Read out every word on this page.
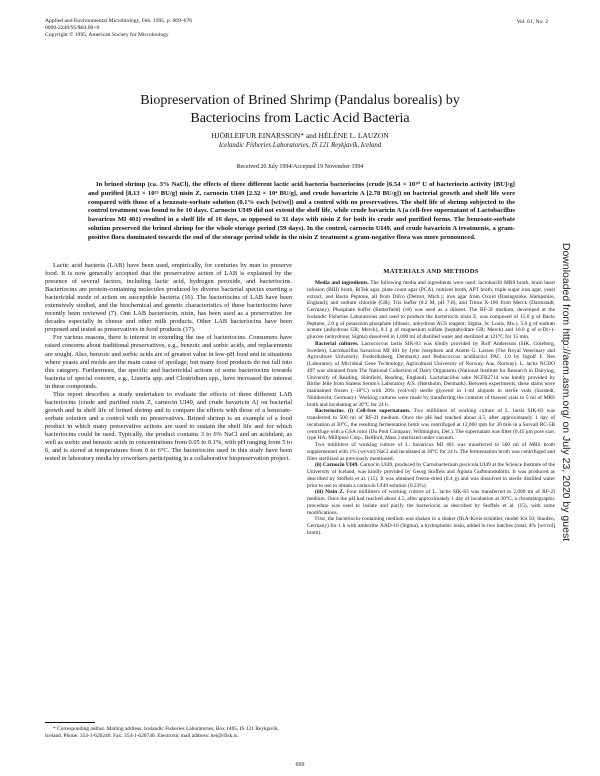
Applied and Environmental Microbiology, Feb. 1995, p. 669–676
0099-2240/95/$04.00+0
Copyright © 1995, American Society for Microbiology
Vol. 61, No. 2
Biopreservation of Brined Shrimp (Pandalus borealis) by
Bacteriocins from Lactic Acid Bacteria
HJÖRLEIFUR EINARSSON* and HÉLÈNE L. LAUZON
Icelandic Fisheries Laboratories, IS 121 Reykjavík, Iceland
Received 26 July 1994/Accepted 19 November 1994

In brined shrimp (ca. 3% NaCl), the effects of three different lactic acid bacteria bacteriocins (crude [6.54 × 10¹⁰ U of bacteriocin activity {BU}/g] and purified [8.13 × 10²³ BU/g] nisin Z, carnocin UI49 [2.32 × 10⁴ BU/g], and crude bavaricin A [2.78 BU/g]) on bacterial growth and shelf life were compared with those of a benzoate-sorbate solution (0.1% each [wt/wt]) and a control with no preservatives. The shelf life of shrimp subjected to the control treatment was found to be 10 days. Carnocin UI49 did not extend the shelf life, while crude bavaricin A (a cell-free supernatant of Lactobacillus bavaricus MI 401) resulted in a shelf life of 16 days, as opposed to 31 days with nisin Z for both its crude and purified forms. The benzoate-sorbate solution preserved the brined shrimp for the whole storage period (59 days). In the control, carnocin UI49, and crude bavaricin A treatments, a gram-positive flora dominated towards the end of the storage period while in the nisin Z treatment a gram-negative flora was more pronounced.

Lactic acid bacteria (LAB) have been used, empirically, for centuries by man to preserve food. It is now generally accepted that the preservative action of LAB is explained by the presence of several factors, including lactic acid, hydrogen peroxide, and bacteriocins. Bacteriocins are protein-containing molecules produced by diverse bacterial species exerting a bactericidal mode of action on susceptible bacteria (16). The bacteriocins of LAB have been extensively studied, and the biochemical and genetic characteristics of these bacteriocins have recently been reviewed (7). One LAB bacteriocin, nisin, has been used as a preservative for decades especially in cheese and other milk products. Other LAB bacteriocins have been proposed and tested as preservatives in food products (17).

For various reasons, there is interest in extending the use of bacteriocins. Consumers have raised concerns about traditional preservatives, e.g., benzoic and sorbic acids, and replacements are sought. Also, benzoic and sorbic acids are of greatest value in low-pH food and in situations where yeasts and molds are the main cause of spoilage, but many food products do not fall into this category. Furthermore, the specific and bactericidal actions of some bacteriocins towards bacteria of special concern, e.g., Listeria spp. and Clostridium spp., have increased the interest in these compounds.

This report describes a study undertaken to evaluate the effects of three different LAB bacteriocins (crude and purified nisin Z, carnocin UI49, and crude bavaricin A) on bacterial growth and in shelf life of brined shrimp and to compare the effects with those of a benzoate-sorbate solution and a control with no preservatives. Brined shrimp is an example of a food product in which many preservative actions are used to sustain the shelf life and for which bacteriocins could be used. Typically, the product contains 3 to 6% NaCl and an acidulant, as well as sorbic and benzoic acids in concentrations from 0.05 to 0.1%, with pH ranging from 5 to 6, and is stored at temperatures from 0 to 6°C. The bacteriocins used in this study have been tested in laboratory media by coworkers participating in a collaborative biopreservation project.

* Corresponding author. Mailing address: Icelandic Fisheries Laboratories, Box 1405, IS 121 Reykjavík, Iceland. Phone: 354-1-620240. Fax: 354-1-620740. Electronic mail address: hei@rfisk.is.

MATERIALS AND METHODS

Media and ingredients. The following media and ingredients were used: lactobacilli MRS broth, brain heart infusion (BHI) broth, BiTek agar, plate count agar (PCA), nutrient broth, APT broth, triple sugar iron agar, yeast extract, and Bacto Peptone, all from Difco (Detroit, Mich.); iron agar from Oxoid (Basingstoke, Hampshire, England); and sodium chloride (GR), Tris buffer (0.2 M, pH 7.8), and Triton X-100 from Merck (Darmstadt, Germany). Phosphate buffer (Butterfield) (18) was used as a diluent. The RF-2I medium, developed at the Icelandic Fisheries Laboratories and used to produce the bacteriocin nisin Z, was composed of 15.0 g of Bacto Peptone, 2.0 g of potassium phosphate (dibasic, anhydrous ACS reagent; Sigma, St. Louis, Mo.), 5.0 g of sodium acetate (anhydrous GR; Merck), 0.1 g of magnesium sulfate (heptahydrate GR; Merck) and 10.0 g of α-D(+)-glucose (anhydrous; Sigma) dissolved in 1,000 ml of distilled water and sterilized at 121°C for 15 min.

Bacterial cultures. Lactococcus lactis SIK-83 was kindly provided by Rolf Andersson (SIK, Göteborg, Sweden), Lactobacillus bavaricus MI 401 by Jytte Josephsen and Anette G. Larsen (The Royal Veterinary and Agriculture University, Frederiksberg, Denmark) and Pediococcus acidilactici PAC 1.0 by Ingolf F. Nes (Laboratory of Microbial Gene Technology, Agricultural University of Norway, Aas, Norway). L. lactis NCDO 497 was obtained from The National Collection of Dairy Organisms (National Institute for Research in Dairying, University of Reading, Shinfield, Reading, England). Lactobacillus sake NCFB2714 was kindly provided by Birthe Jelle from Statens Serum's Laboratory A.S. (Hørsholm, Denmark). Between experiments, these stains were maintained frozen (−18°C) with 20% (vol/vol) sterile glycerol in 1-ml aliquots in sterile vials (Sarstedt, Nümbrecht, Germany). Working cultures were made by transferring the contents of thawed vials to 5 ml of MRS broth and incubating at 30°C for 24 h.

Bacteriocins. (i) Cell-free supernatants. Two milliliters of working culture of L. lactis SIK-83 was transferred to 500 ml of RF-2I medium. Once the pH had reached about 4.5, after approximately 1 day of incubation at 30°C, the resulting fermentation broth was centrifuged at 12,000 rpm for 30 min in a Sorvall RC-5B centrifuge with a GSA rotor (Du Pont Company, Wilmington, Del.). The supernatant was filter (0.45 μm pore size, type HA; Millipore Corp., Bedford, Mass.) sterilized under vacuum.

Two milliliters of working culture of L. bavaricus MI 401 was transferred to 500 ml of MRS broth supplemented with 1% (wt/vol) NaCl and incubated at 30°C for 24 h. The fermentation broth was centrifuged and filter sterilized as previously mentioned.

(ii) Carnocin UI49. Carnocin UI49, produced by Carnobacterium piscicola UI49 at the Science Institute of the University of Iceland, was kindly provided by Georg Stoffels and Ágústa Guðmundsdóttir. It was produced as described by Stoffels et al. (15). It was obtained freeze-dried (0.4 g) and was dissolved in sterile distilled water prior to use to obtain a carnocin UI49 solution (0.23%).

(iii) Nisin Z. Four milliliters of working culture of L. lactis SIK-83 was transferred to 2,000 ml of RF-2I medium. Once the pH had reached about 4.5, after approximately 1 day of incubation at 30°C, a chromatographic procedure was used to isolate and purify the bacteriocin as described by Stoffels et al. (15), with some modifications.

First, the bacteriocin-containing medium was shaken in a shaker (IKA-Kreis-schüttler, model KS 50; Staufen, Germany) for 1 h with amberlite XAD-16 (Sigma), a hydrophobic resin, added in two batches (total, 4% [wt/vol] broth).

669
Downloaded from http://aem.asm.org/ on July 23, 2020 by guest
